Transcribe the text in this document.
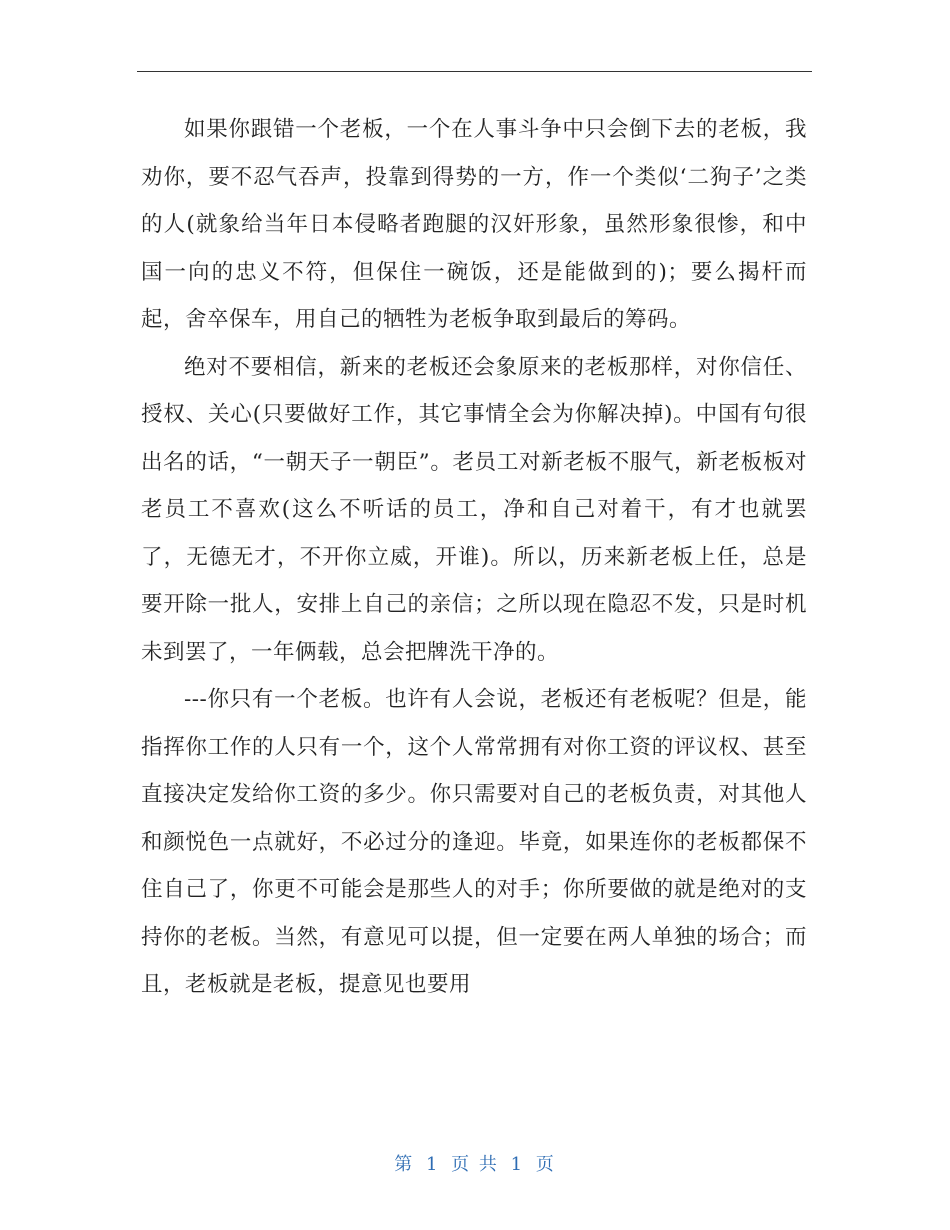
如果你跟错一个老板，一个在人事斗争中只会倒下去的老板，我劝你，要不忍气吞声，投靠到得势的一方，作一个类似‘二狗子’之类的人(就象给当年日本侵略者跑腿的汉奸形象，虽然形象很惨，和中国一向的忠义不符，但保住一碗饭，还是能做到的)；要么揭杆而起，舍卒保车，用自己的牺牲为老板争取到最后的筹码。

绝对不要相信，新来的老板还会象原来的老板那样，对你信任、授权、关心(只要做好工作，其它事情全会为你解决掉)。中国有句很出名的话，“一朝天子一朝臣”。老员工对新老板不服气，新老板板对老员工不喜欢(这么不听话的员工，净和自己对着干，有才也就罢了，无德无才，不开你立威，开谁)。所以，历来新老板上任，总是要开除一批人，安排上自己的亲信；之所以现在隐忍不发，只是时机未到罢了，一年俩载，总会把牌洗干净的。

---你只有一个老板。也许有人会说，老板还有老板呢？但是，能指挥你工作的人只有一个，这个人常常拥有对你工资的评议权、甚至直接决定发给你工资的多少。你只需要对自己的老板负责，对其他人和颜悦色一点就好，不必过分的逢迎。毕竟，如果连你的老板都保不住自己了，你更不可能会是那些人的对手；你所要做的就是绝对的支持你的老板。当然，有意见可以提，但一定要在两人单独的场合；而且，老板就是老板，提意见也要用

第 1 页 共 1 页
